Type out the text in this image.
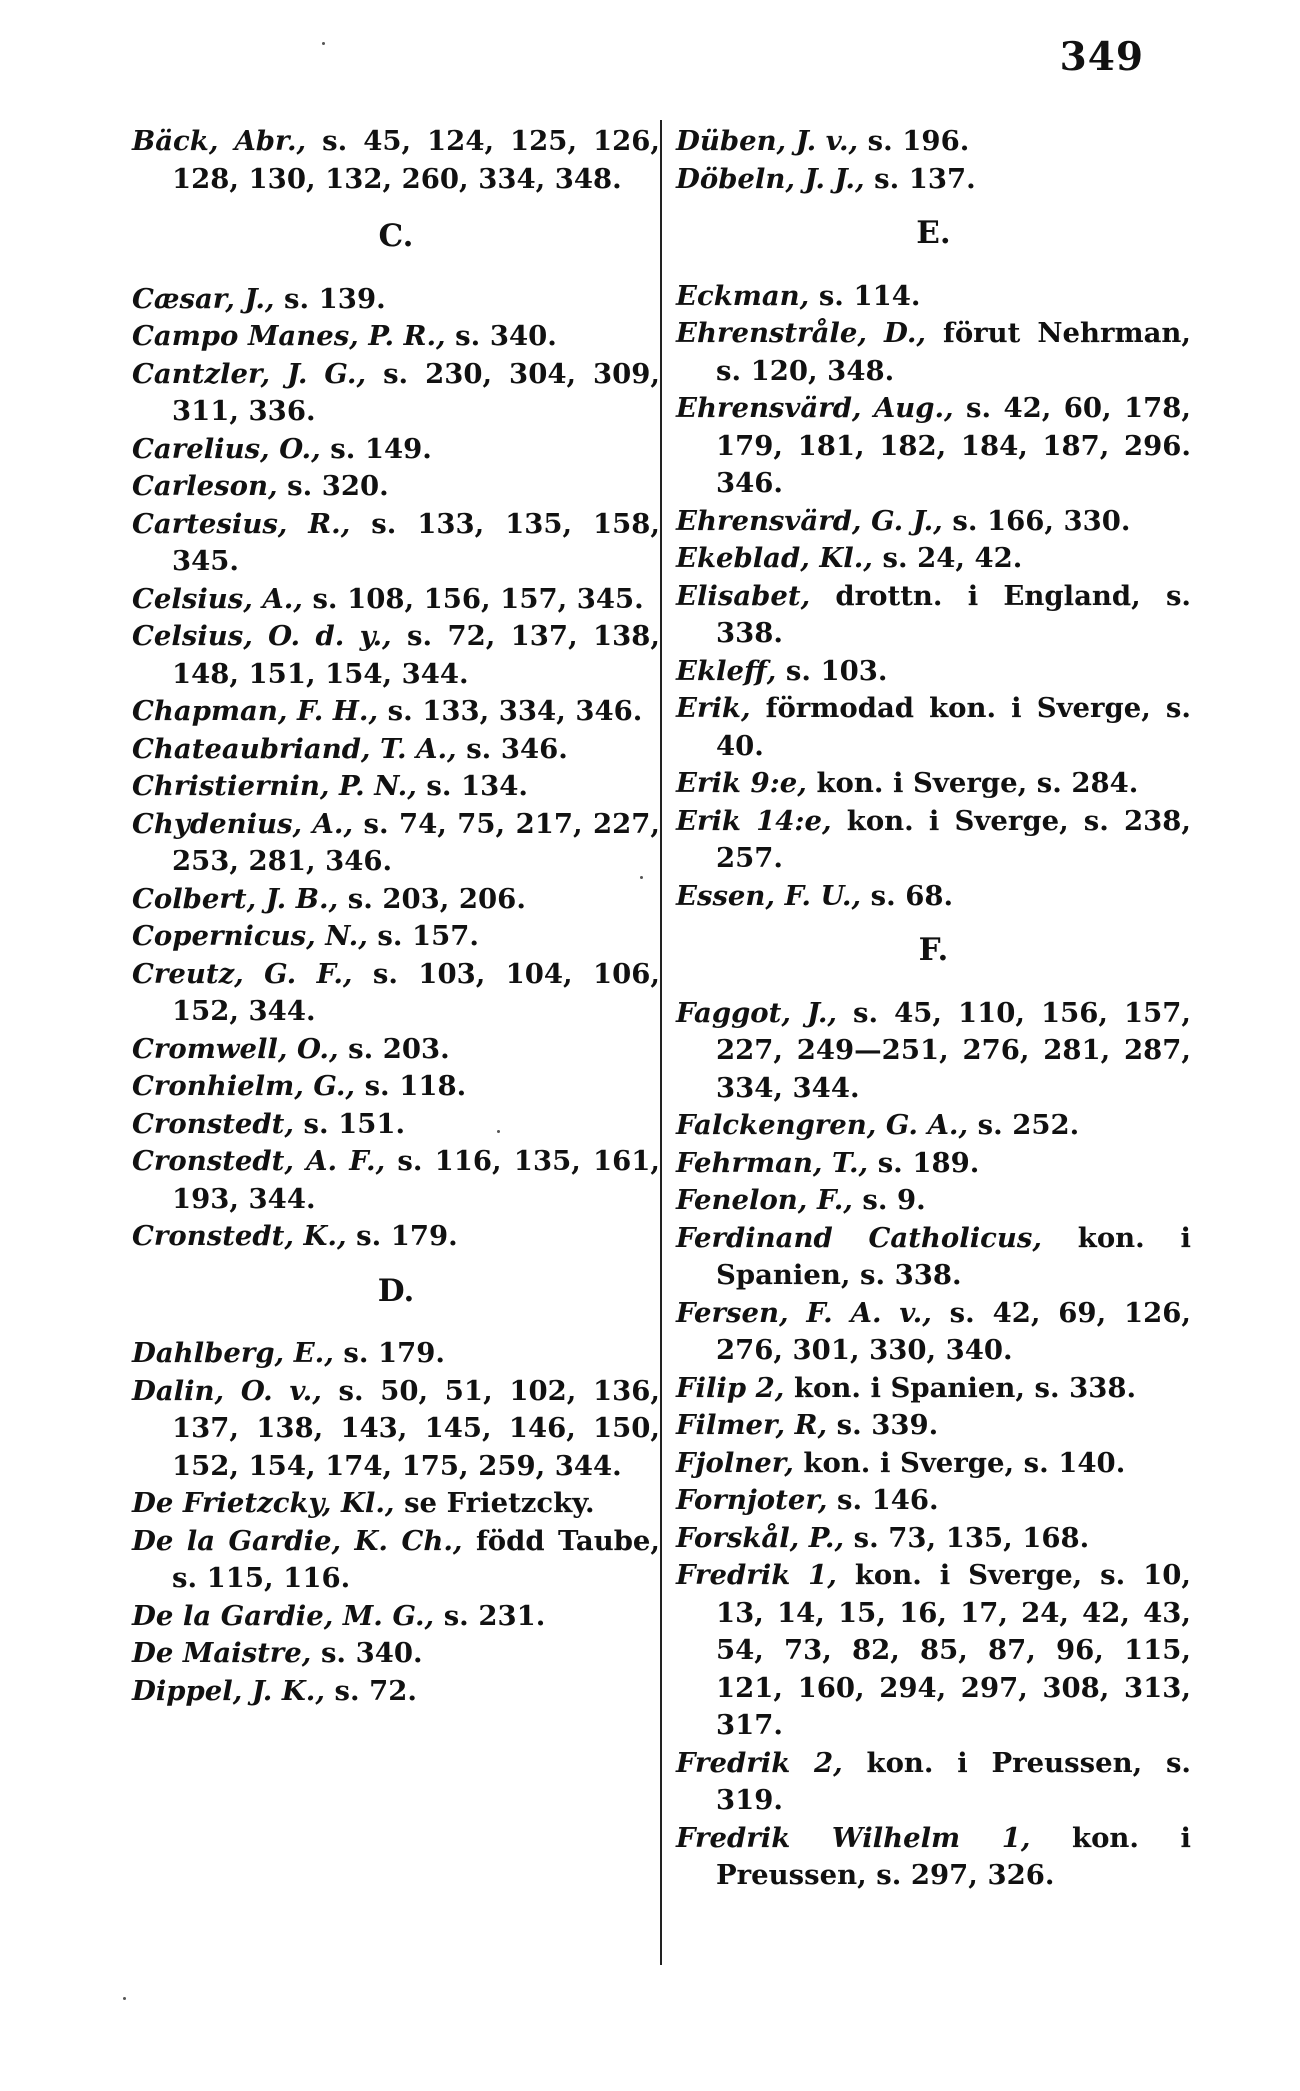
349

Bäck, Abr., s. 45, 124, 125, 126, 128, 130, 132, 260, 334, 348.

C.

Cæsar, J., s. 139.

Campo Manes, P. R., s. 340.

Cantzler, J. G., s. 230, 304, 309, 311, 336.

Carelius, O., s. 149.

Carleson, s. 320.

Cartesius, R., s. 133, 135, 158, 345.

Celsius, A., s. 108, 156, 157, 345.

Celsius, O. d. y., s. 72, 137, 138, 148, 151, 154, 344.

Chapman, F. H., s. 133, 334, 346.

Chateaubriand, T. A., s. 346.

Christiernin, P. N., s. 134.

Chydenius, A., s. 74, 75, 217, 227, 253, 281, 346.

Colbert, J. B., s. 203, 206.

Copernicus, N., s. 157.

Creutz, G. F., s. 103, 104, 106, 152, 344.

Cromwell, O., s. 203.

Cronhielm, G., s. 118.

Cronstedt, s. 151.

Cronstedt, A. F., s. 116, 135, 161, 193, 344.

Cronstedt, K., s. 179.

D.

Dahlberg, E., s. 179.

Dalin, O. v., s. 50, 51, 102, 136, 137, 138, 143, 145, 146, 150, 152, 154, 174, 175, 259, 344.

De Frietzcky, Kl., se Frietzcky.

De la Gardie, K. Ch., född Taube, s. 115, 116.

De la Gardie, M. G., s. 231.

De Maistre, s. 340.

Dippel, J. K., s. 72.

Düben, J. v., s. 196.

Döbeln, J. J., s. 137.

E.

Eckman, s. 114.

Ehrenstråle, D., förut Nehrman, s. 120, 348.

Ehrensvärd, Aug., s. 42, 60, 178, 179, 181, 182, 184, 187, 296. 346.

Ehrensvärd, G. J., s. 166, 330.

Ekeblad, Kl., s. 24, 42.

Elisabet, drottn. i England, s. 338.

Ekleff, s. 103.

Erik, förmodad kon. i Sverge, s. 40.

Erik 9:e, kon. i Sverge, s. 284.

Erik 14:e, kon. i Sverge, s. 238, 257.

Essen, F. U., s. 68.

F.

Faggot, J., s. 45, 110, 156, 157, 227, 249—251, 276, 281, 287, 334, 344.

Falckengren, G. A., s. 252.

Fehrman, T., s. 189.

Fenelon, F., s. 9.

Ferdinand Catholicus, kon. i Spanien, s. 338.

Fersen, F. A. v., s. 42, 69, 126, 276, 301, 330, 340.

Filip 2, kon. i Spanien, s. 338.

Filmer, R, s. 339.

Fjolner, kon. i Sverge, s. 140.

Fornjoter, s. 146.

Forskål, P., s. 73, 135, 168.

Fredrik 1, kon. i Sverge, s. 10, 13, 14, 15, 16, 17, 24, 42, 43, 54, 73, 82, 85, 87, 96, 115, 121, 160, 294, 297, 308, 313, 317.

Fredrik 2, kon. i Preussen, s. 319.

Fredrik Wilhelm 1, kon. i Preussen, s. 297, 326.
